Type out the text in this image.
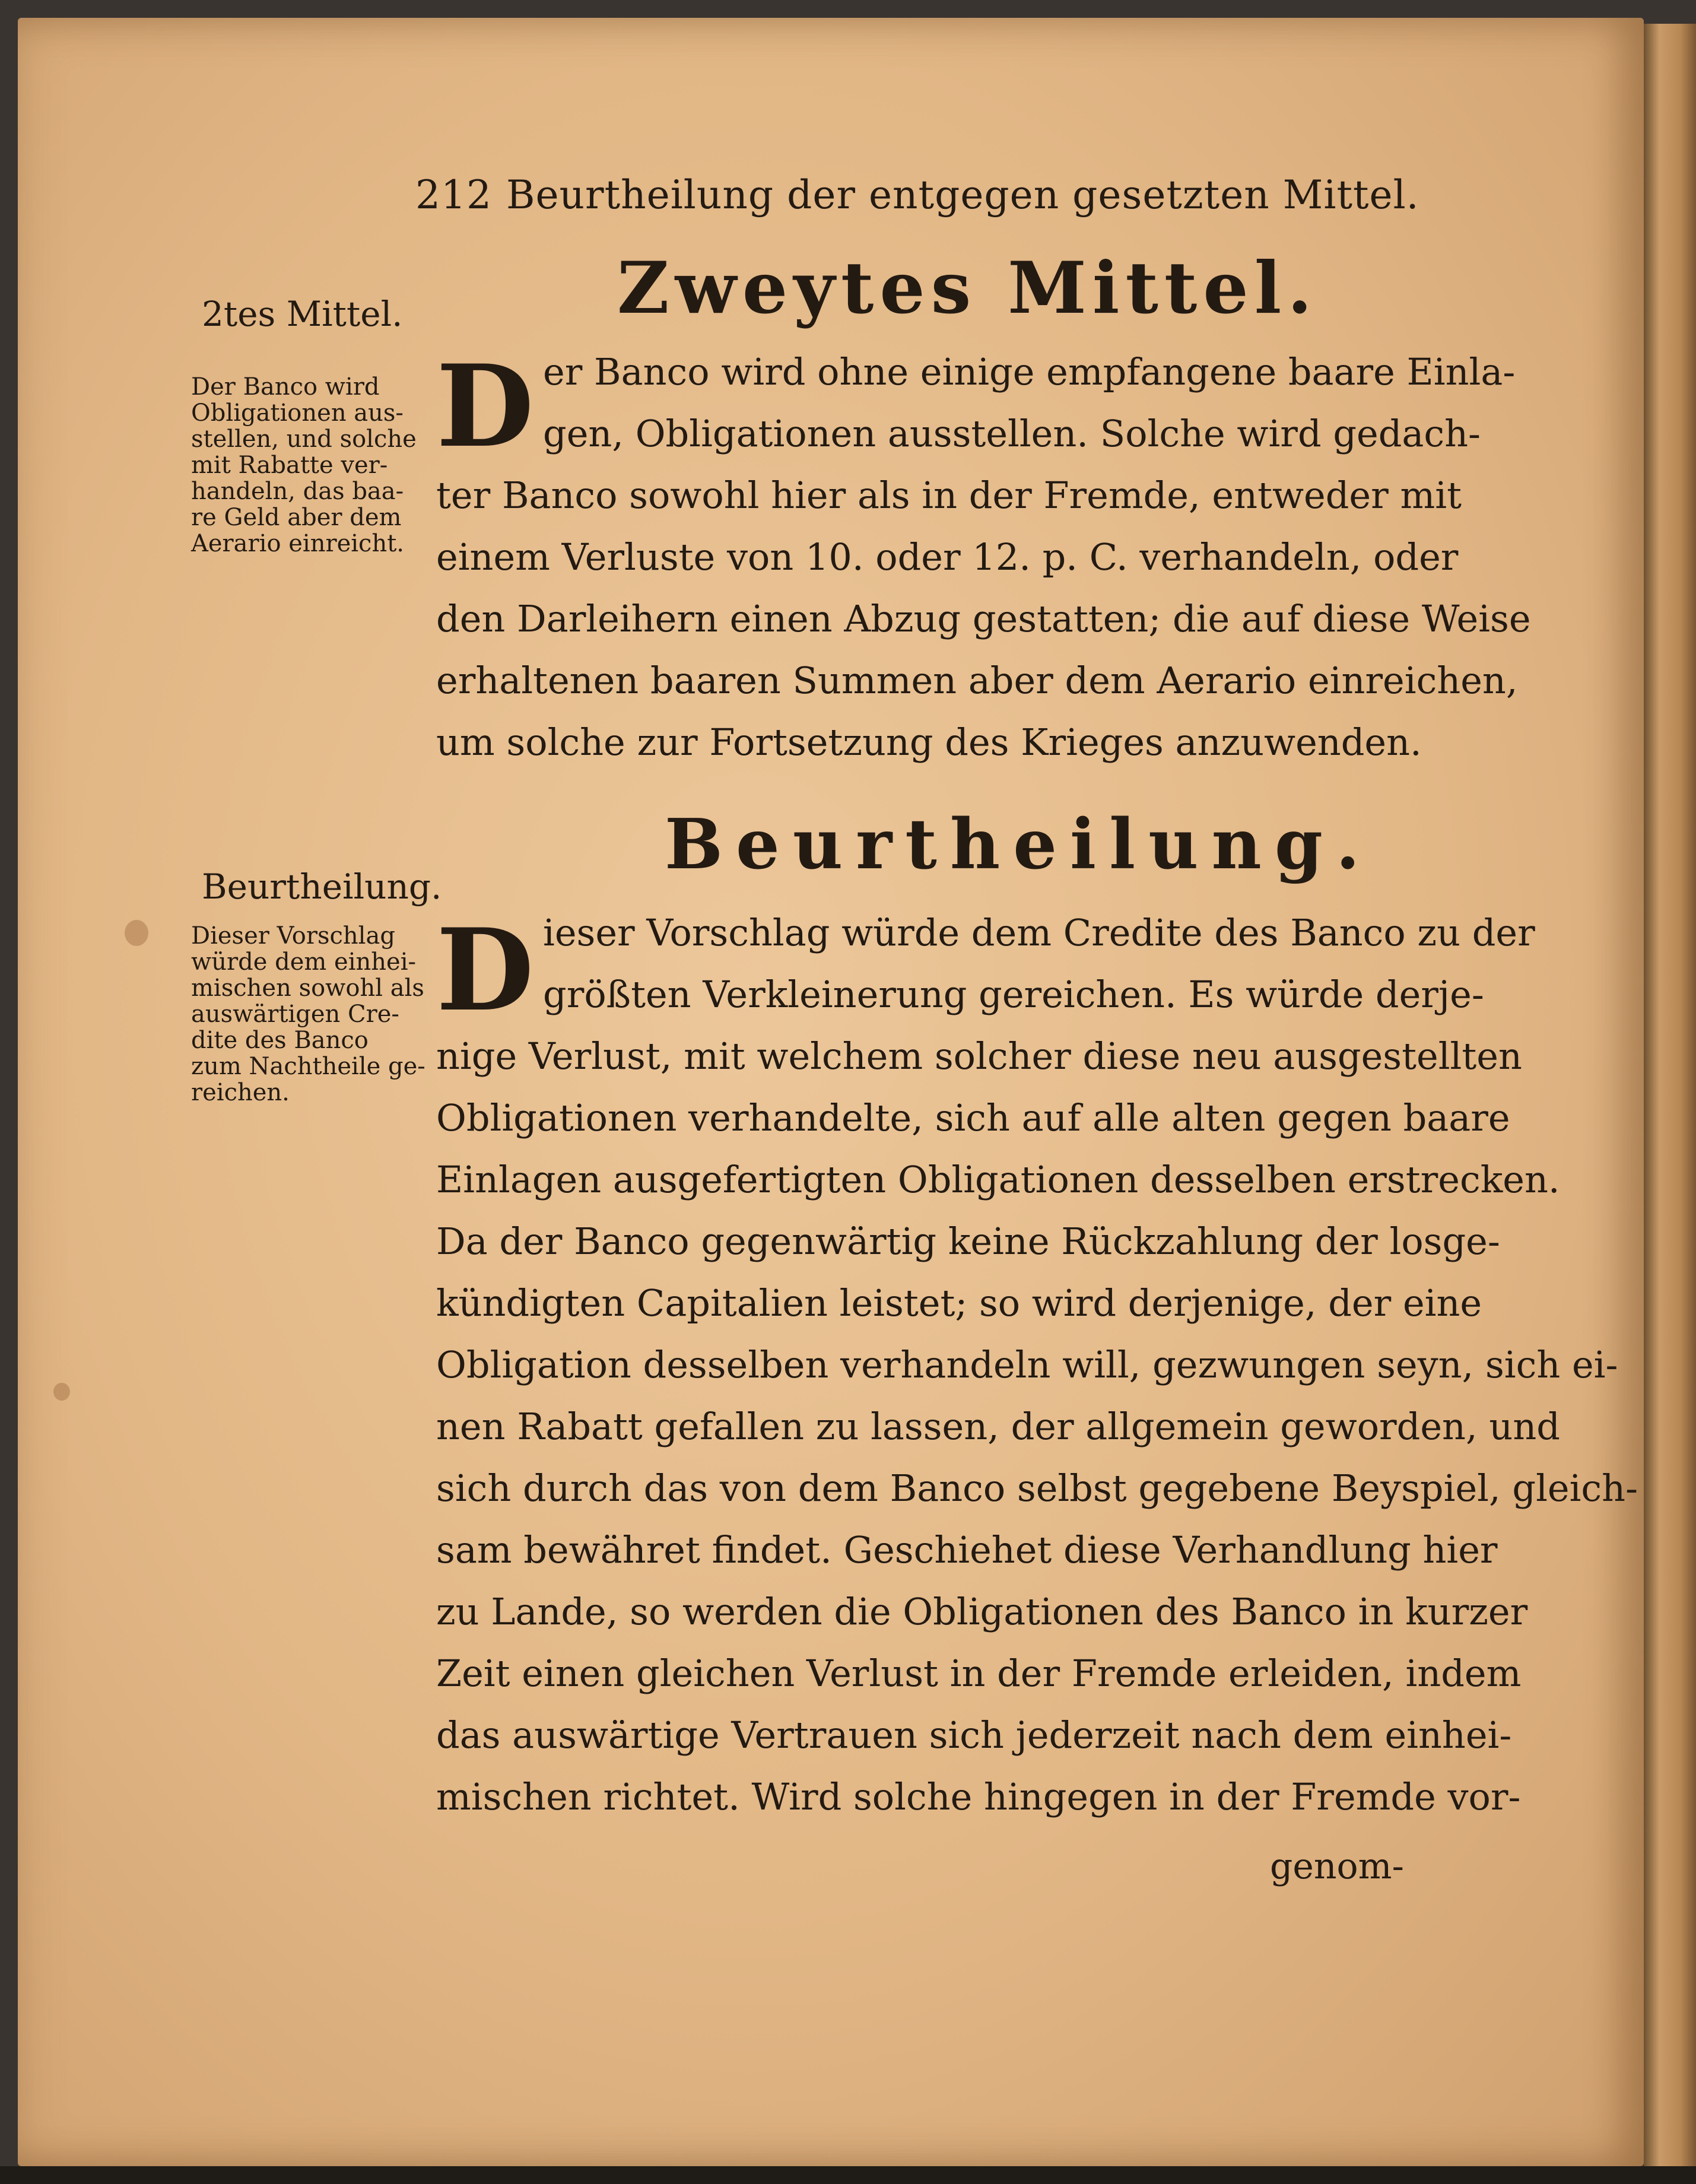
212 Beurtheilung der entgegen gesetzten Mittel.
Zweytes Mittel.
2tes Mittel.
Der Banco wird
Obligationen aus-
stellen, und solche
mit Rabatte ver-
handeln, das baa-
re Geld aber dem
Aerario einreicht.
D er Banco wird ohne einige empfangene baare Einla-
gen, Obligationen ausstellen. Solche wird gedach-
ter Banco sowohl hier als in der Fremde, entweder mit
einem Verluste von 10. oder 12. p. C. verhandeln, oder
den Darleihern einen Abzug gestatten; die auf diese Weise
erhaltenen baaren Summen aber dem Aerario einreichen,
um solche zur Fortsetzung des Krieges anzuwenden.
Beurtheilung.
Beurtheilung.
Dieser Vorschlag
würde dem einhei-
mischen sowohl als
auswärtigen Cre-
dite des Banco
zum Nachtheile ge-
reichen.
D ieser Vorschlag würde dem Credite des Banco zu der
größten Verkleinerung gereichen. Es würde derje-
nige Verlust, mit welchem solcher diese neu ausgestellten
Obligationen verhandelte, sich auf alle alten gegen baare
Einlagen ausgefertigten Obligationen desselben erstrecken.
Da der Banco gegenwärtig keine Rückzahlung der losge-
kündigten Capitalien leistet; so wird derjenige, der eine
Obligation desselben verhandeln will, gezwungen seyn, sich ei-
nen Rabatt gefallen zu lassen, der allgemein geworden, und
sich durch das von dem Banco selbst gegebene Beyspiel, gleich-
sam bewähret findet. Geschiehet diese Verhandlung hier
zu Lande, so werden die Obligationen des Banco in kurzer
Zeit einen gleichen Verlust in der Fremde erleiden, indem
das auswärtige Vertrauen sich jederzeit nach dem einhei-
mischen richtet. Wird solche hingegen in der Fremde vor-
genom-
